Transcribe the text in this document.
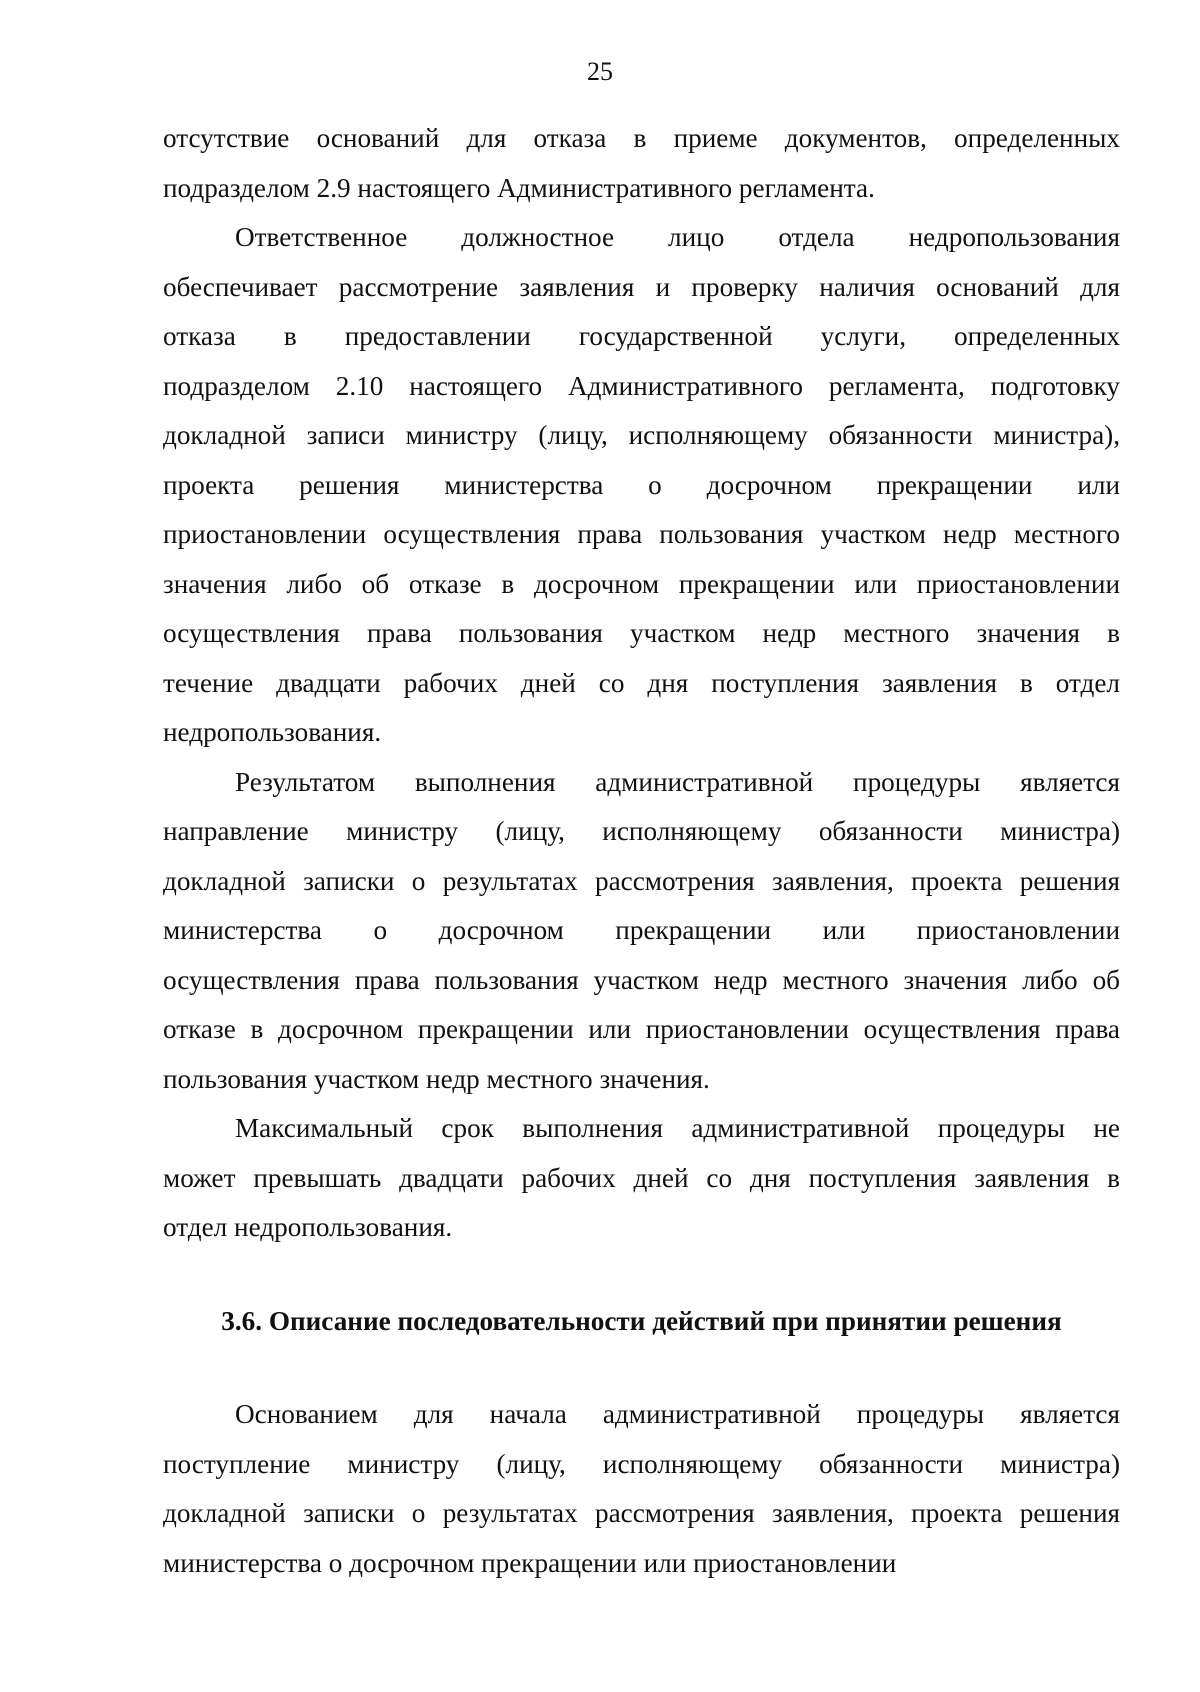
25
отсутствие оснований для отказа в приеме документов, определенных
подразделом 2.9 настоящего Административного регламента.
Ответственное должностное лицо отдела недропользования
обеспечивает рассмотрение заявления и проверку наличия оснований для
отказа в предоставлении государственной услуги, определенных
подразделом 2.10 настоящего Административного регламента, подготовку
докладной записи министру (лицу, исполняющему обязанности министра),
проекта решения министерства о досрочном прекращении или
приостановлении осуществления права пользования участком недр местного
значения либо об отказе в досрочном прекращении или приостановлении
осуществления права пользования участком недр местного значения в
течение двадцати рабочих дней со дня поступления заявления в отдел
недропользования.
Результатом выполнения административной процедуры является
направление министру (лицу, исполняющему обязанности министра)
докладной записки о результатах рассмотрения заявления, проекта решения
министерства о досрочном прекращении или приостановлении
осуществления права пользования участком недр местного значения либо об
отказе в досрочном прекращении или приостановлении осуществления права
пользования участком недр местного значения.
Максимальный срок выполнения административной процедуры не
может превышать двадцати рабочих дней со дня поступления заявления в
отдел недропользования.
3.6. Описание последовательности действий при принятии решения
Основанием для начала административной процедуры является
поступление министру (лицу, исполняющему обязанности министра)
докладной записки о результатах рассмотрения заявления, проекта решения
министерства о досрочном прекращении или приостановлении
